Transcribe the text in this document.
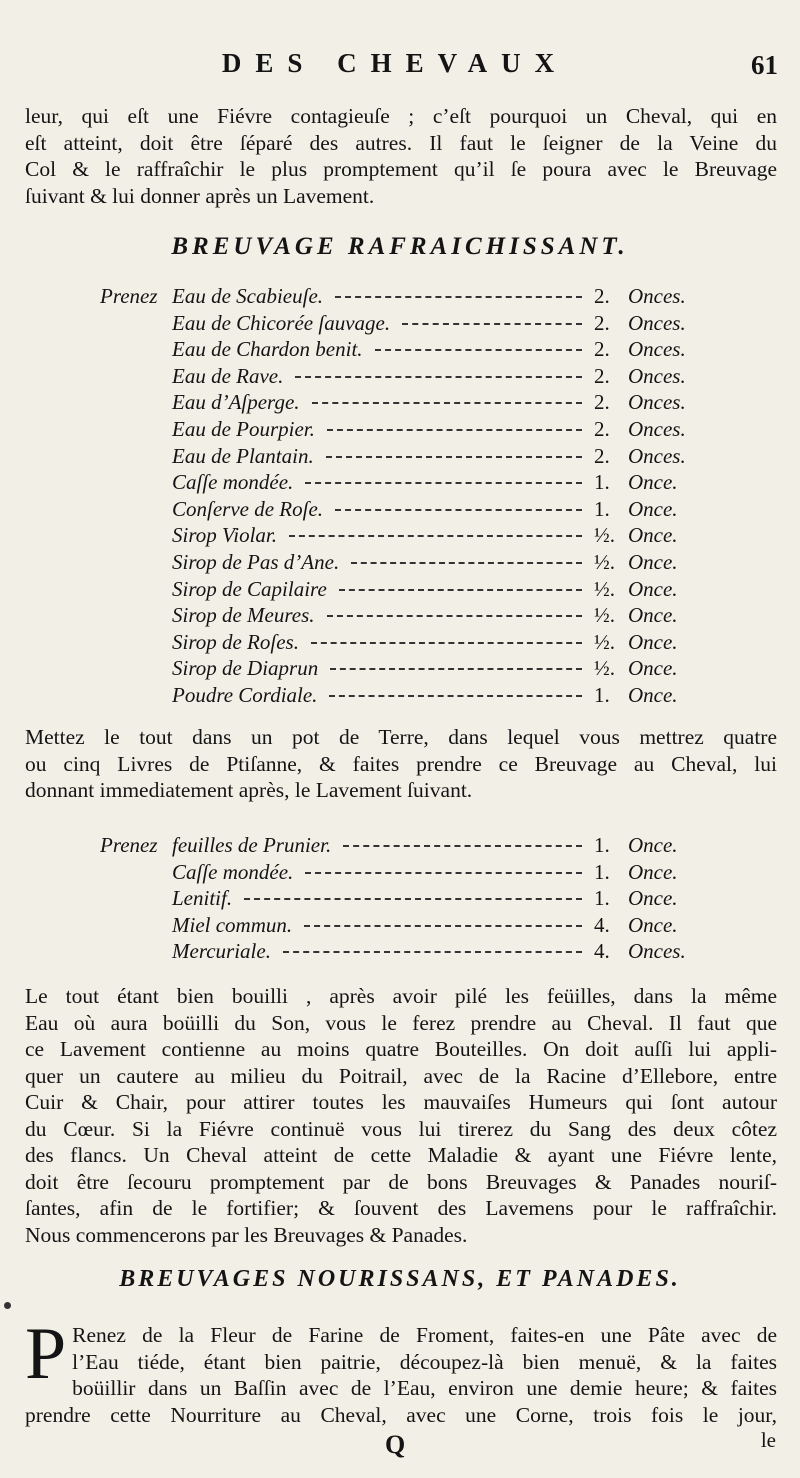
DES CHEVAUX	61
leur, qui eſt une Fiévre contagieuſe ; c’eſt pourquoi un Cheval, qui en
eſt atteint, doit être ſéparé des autres. Il faut le ſeigner de la Veine du
Col & le raffraîchir le plus promptement qu’il ſe poura avec le Breuvage
ſuivant & lui donner après un Lavement.
BREUVAGE RAFRAICHISSANT.
Prenez Eau de Scabieuſe.	2. Onces.
Eau de Chicorée ſauvage.	2. Onces.
Eau de Chardon benit.	2. Onces.
Eau de Rave.	2. Onces.
Eau d’Aſperge.	2. Onces.
Eau de Pourpier.	2. Onces.
Eau de Plantain.	2. Onces.
Caſſe mondée.	1. Once.
Conſerve de Roſe.	1. Once.
Sirop Violar.	½. Once.
Sirop de Pas d’Ane.	½. Once.
Sirop de Capilaire	½. Once.
Sirop de Meures.	½. Once.
Sirop de Roſes.	½. Once.
Sirop de Diaprun	½. Once.
Poudre Cordiale.	1. Once.
Mettez le tout dans un pot de Terre, dans lequel vous mettrez quatre
ou cinq Livres de Ptiſanne, & faites prendre ce Breuvage au Cheval, lui
donnant immediatement après, le Lavement ſuivant.
Prenez feuilles de Prunier.	1. Once.
Caſſe mondée.	1. Once.
Lenitif.	1. Once.
Miel commun.	4. Once.
Mercuriale.	4. Onces.
Le tout étant bien bouilli , après avoir pilé les feüilles, dans la même
Eau où aura boüilli du Son, vous le ferez prendre au Cheval. Il faut que
ce Lavement contienne au moins quatre Bouteilles. On doit auſſi lui appli-
quer un cautere au milieu du Poitrail, avec de la Racine d’Ellebore, entre
Cuir & Chair, pour attirer toutes les mauvaiſes Humeurs qui ſont autour
du Cœur. Si la Fiévre continuë vous lui tirerez du Sang des deux côtez
des flancs. Un Cheval atteint de cette Maladie & ayant une Fiévre lente,
doit être ſecouru promptement par de bons Breuvages & Panades nouriſ-
ſantes, afin de le fortifier; & ſouvent des Lavemens pour le raffraîchir.
Nous commencerons par les Breuvages & Panades.
BREUVAGES NOURISSANS, ET PANADES.
P Renez de la Fleur de Farine de Froment, faites-en une Pâte avec de
l’Eau tiéde, étant bien paitrie, découpez-là bien menuë, & la faites
boüillir dans un Baſſin avec de l’Eau, environ une demie heure; & faites
prendre cette Nourriture au Cheval, avec une Corne, trois fois le jour,
Q	le
